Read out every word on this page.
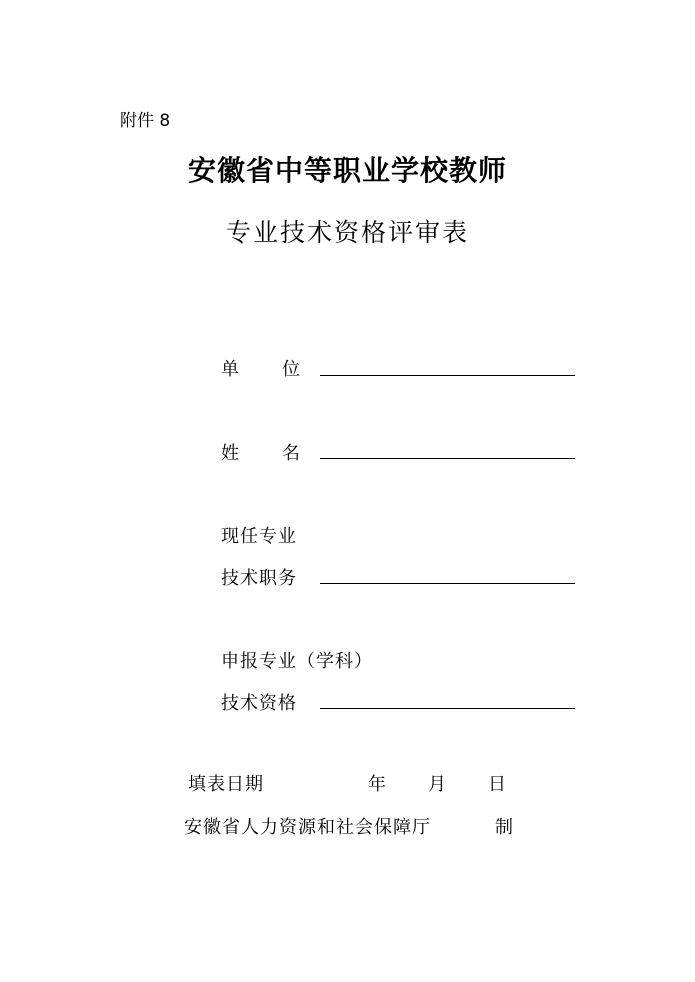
附件 8
安徽省中等职业学校教师
专业技术资格评审表
单 位
姓 名
现任专业
技术职务
申报专业（学科）
技术资格
填表日期	年 月 日
安徽省人力资源和社会保障厅	制
